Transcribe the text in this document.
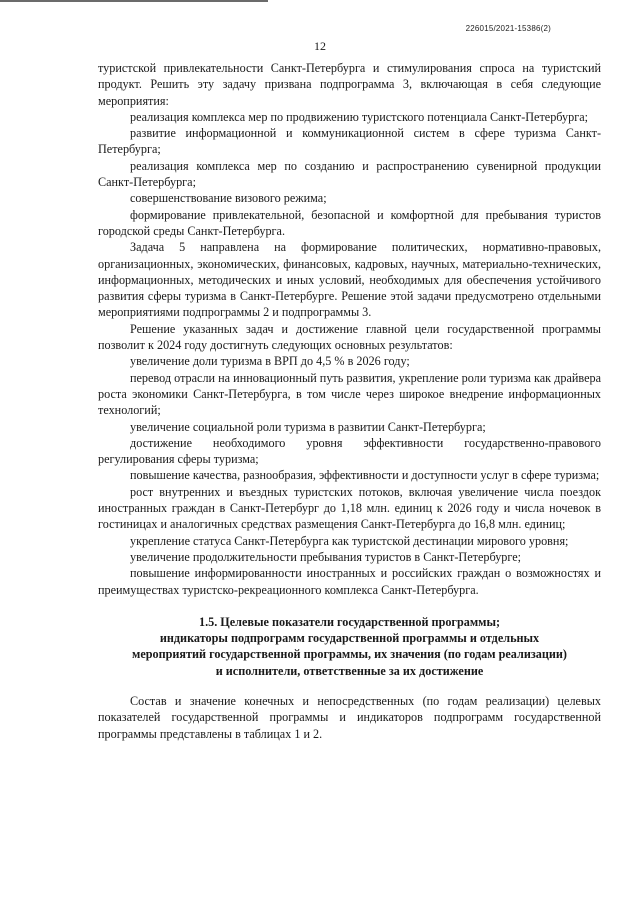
226015/2021-15386(2)
12

туристской привлекательности Санкт-Петербурга и стимулирования спроса на туристский продукт. Решить эту задачу призвана подпрограмма 3, включающая в себя следующие мероприятия:

реализация комплекса мер по продвижению туристского потенциала Санкт-Петербурга;

развитие информационной и коммуникационной систем в сфере туризма Санкт-Петербурга;

реализация комплекса мер по созданию и распространению сувенирной продукции Санкт-Петербурга;

совершенствование визового режима;

формирование привлекательной, безопасной и комфортной для пребывания туристов городской среды Санкт-Петербурга.

Задача 5 направлена на формирование политических, нормативно-правовых, организационных, экономических, финансовых, кадровых, научных, материально-технических, информационных, методических и иных условий, необходимых для обеспечения устойчивого развития сферы туризма в Санкт-Петербурге. Решение этой задачи предусмотрено отдельными мероприятиями подпрограммы 2 и подпрограммы 3.

Решение указанных задач и достижение главной цели государственной программы позволит к 2024 году достигнуть следующих основных результатов:

увеличение доли туризма в ВРП до 4,5 % в 2026 году;

перевод отрасли на инновационный путь развития, укрепление роли туризма как драйвера роста экономики Санкт-Петербурга, в том числе через широкое внедрение информационных технологий;

увеличение социальной роли туризма в развитии Санкт-Петербурга;

достижение необходимого уровня эффективности государственно-правового регулирования сферы туризма;

повышение качества, разнообразия, эффективности и доступности услуг в сфере туризма;

рост внутренних и въездных туристских потоков, включая увеличение числа поездок иностранных граждан в Санкт-Петербург до 1,18 млн. единиц к 2026 году и числа ночевок в гостиницах и аналогичных средствах размещения Санкт-Петербурга до 16,8 млн. единиц;

укрепление статуса Санкт-Петербурга как туристской дестинации мирового уровня;

увеличение продолжительности пребывания туристов в Санкт-Петербурге;

повышение информированности иностранных и российских граждан о возможностях и преимуществах туристско-рекреационного комплекса Санкт-Петербурга.

1.5. Целевые показатели государственной программы;
индикаторы подпрограмм государственной программы и отдельных
мероприятий государственной программы, их значения (по годам реализации)
и исполнители, ответственные за их достижение

Состав и значение конечных и непосредственных (по годам реализации) целевых показателей государственной программы и индикаторов подпрограмм государственной программы представлены в таблицах 1 и 2.
